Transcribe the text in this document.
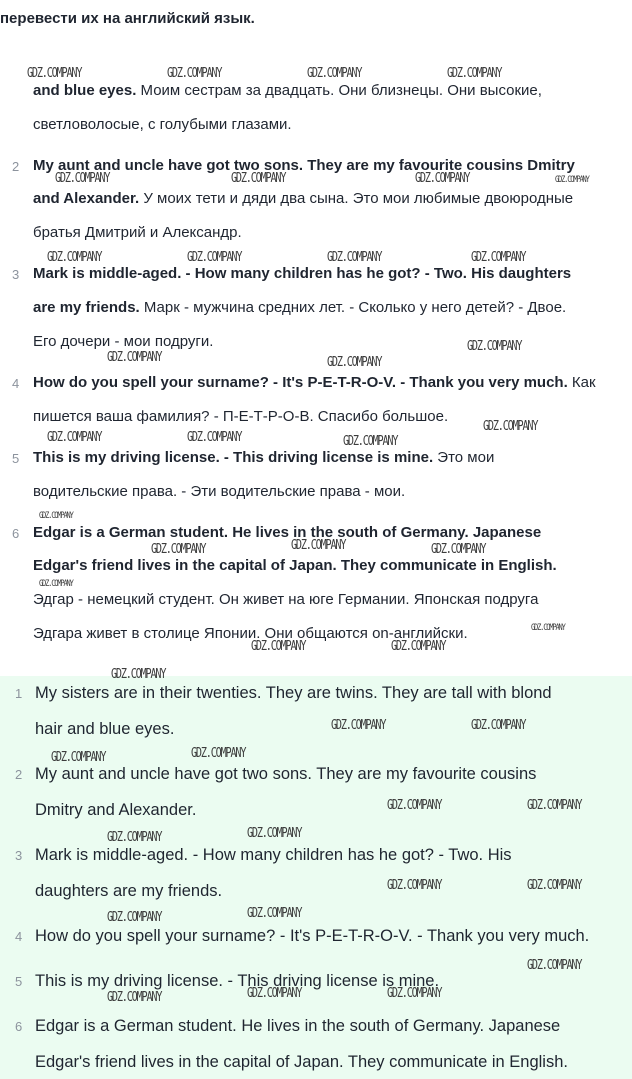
перевести их на английский язык.
and blue eyes. Моим сестрам за двадцать. Они близнецы. Они высокие,
светловолосые, с голубыми глазами.
2 My aunt and uncle have got two sons. They are my favourite cousins Dmitry
and Alexander. У моих тети и дяди два сына. Это мои любимые двоюродные
братья Дмитрий и Александр.
3 Mark is middle-aged. - How many children has he got? - Two. His daughters
are my friends. Марк - мужчина средних лет. - Сколько у него детей? - Двое.
Его дочери - мои подруги.
4 How do you spell your surname? - It's P-E-T-R-O-V. - Thank you very much. Как
пишется ваша фамилия? - П-Е-Т-Р-О-В. Спасибо большое.
5 This is my driving license. - This driving license is mine. Это мои
водительские права. - Эти водительские права - мои.
6 Edgar is a German student. He lives in the south of Germany. Japanese
Edgar's friend lives in the capital of Japan. They communicate in English.
Эдгар - немецкий студент. Он живет на юге Германии. Японская подруга
Эдгара живет в столице Японии. Они общаются on-английски.
1 My sisters are in their twenties. They are twins. They are tall with blond
hair and blue eyes.
2 My aunt and uncle have got two sons. They are my favourite cousins
Dmitry and Alexander.
3 Mark is middle-aged. - How many children has he got? - Two. His
daughters are my friends.
4 How do you spell your surname? - It's P-E-T-R-O-V. - Thank you very much.
5 This is my driving license. - This driving license is mine.
6 Edgar is a German student. He lives in the south of Germany. Japanese
Edgar's friend lives in the capital of Japan. They communicate in English.
GDZ.COMPANY	GDZ.COMPANY	GDZ.COMPANY	GDZ.COMPANY
GDZ.COMPANY	GDZ.COMPANY	GDZ.COMPANY	GDZ.COMPANY
GDZ.COMPANY	GDZ.COMPANY	GDZ.COMPANY	GDZ.COMPANY
GDZ.COMPANY
GDZ.COMPANY	GDZ.COMPANY
GDZ.COMPANY
GDZ.COMPANY	GDZ.COMPANY	GDZ.COMPANY
GDZ.COMPANY
GDZ.COMPANY	GDZ.COMPANY	GDZ.COMPANY
GDZ.COMPANY
GDZ.COMPANY
GDZ.COMPANY	GDZ.COMPANY
GDZ.COMPANY
GDZ.COMPANY	GDZ.COMPANY
GDZ.COMPANY	GDZ.COMPANY
GDZ.COMPANY	GDZ.COMPANY
GDZ.COMPANY	GDZ.COMPANY
GDZ.COMPANY	GDZ.COMPANY
GDZ.COMPANY	GDZ.COMPANY
GDZ.COMPANY
GDZ.COMPANY	GDZ.COMPANY	GDZ.COMPANY
